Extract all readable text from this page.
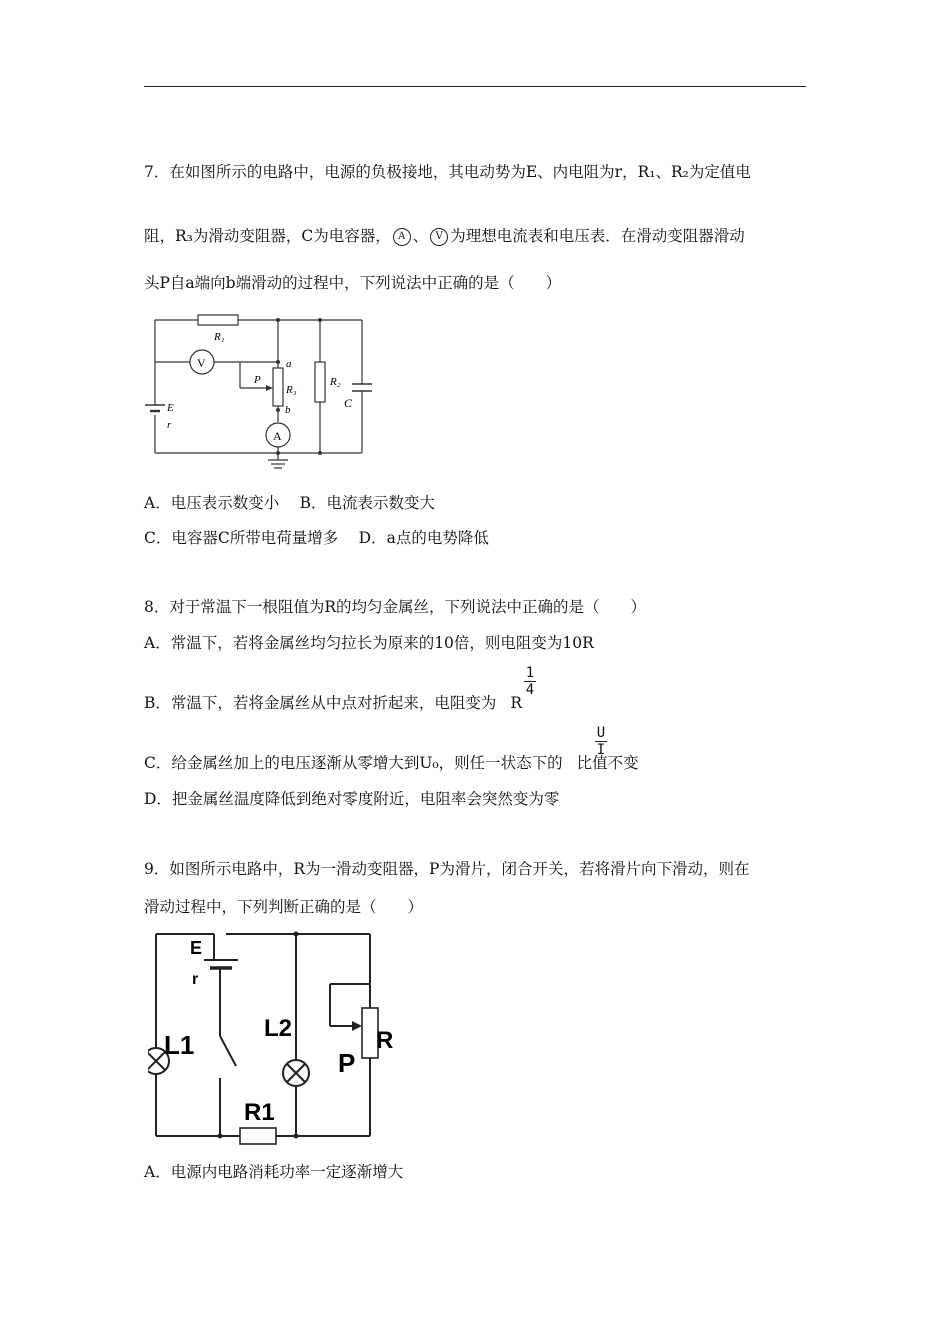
7．在如图所示的电路中，电源的负极接地，其电动势为E、内电阻为r，R₁、R₂为定值电
阻，R₃为滑动变阻器，C为电容器， A 、 V 为理想电流表和电压表．在滑动变阻器滑动
头P自a端向b端滑动的过程中，下列说法中正确的是（　　）
R₁
V	a
P
R₃
b
R₂
C
E
r
A
A．电压表示数变小　 B．电流表示数变大
C．电容器C所带电荷量增多　 D．a点的电势降低
8．对于常温下一根阻值为R的均匀金属丝，下列说法中正确的是（　　）
A．常温下，若将金属丝均匀拉长为原来的10倍，则电阻变为10R
B．常温下，若将金属丝从中点对折起来，电阻变为 R
1
4
C．给金属丝加上的电压逐渐从零增大到U₀，则任一状态下的 比值不变
U
I
D．把金属丝温度降低到绝对零度附近，电阻率会突然变为零
9．如图所示电路中，R为一滑动变阻器，P为滑片，闭合开关，若将滑片向下滑动，则在
滑动过程中，下列判断正确的是（　　）
E
r
L1
L2
P
R
R1
A．电源内电路消耗功率一定逐渐增大
